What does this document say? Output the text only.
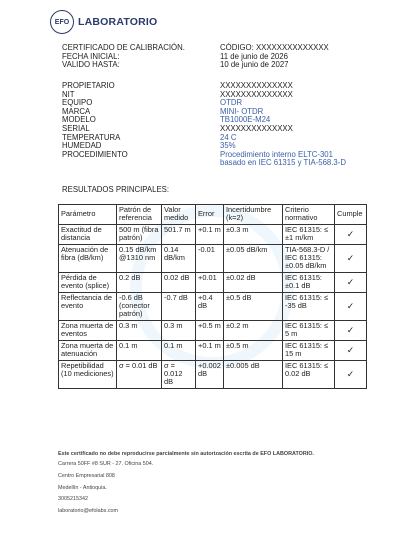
EFO LABORATORIO
CERTIFICADO DE CALIBRACIÓN.	CÓDIGO: XXXXXXXXXXXXXX
FECHA INICIAL:	11 de junio de 2026
VALIDO HASTA:	10 de junio de 2027
PROPIETARIO	XXXXXXXXXXXXXX
NIT	XXXXXXXXXXXXXX
EQUIPO	OTDR
MARCA	MINI- OTDR
MODELO	TB1000E-M24
SERIAL	XXXXXXXXXXXXXX
TEMPERATURA	24 C
HUMEDAD	35%
PROCEDIMIENTO	Procedimiento interno ELTC-301
basado en IEC 61315 y TIA-568.3-D
RESULTADOS PRINCIPALES:
Parámetro	Patrón de referencia	Valor medido	Error	Incertidumbre (k=2)	Criterio normativo	Cumple
Exactitud de distancia	500 m (fibra patrón)	501.7 m	+0.1 m	±0.3 m	IEC 61315: ≤ ±1 m/km	✓
Atenuación de fibra (dB/km)	0.15 dB/km @1310 nm	0.14 dB/km	-0.01	±0.05 dB/km	TIA-568.3-D / IEC 61315: ±0.05 dB/km	✓
Pérdida de evento (splice)	0.2 dB	0.02 dB	+0.01	±0.02 dB	IEC 61315: ±0.1 dB	✓
Reflectancia de evento	-0.6 dB (conector patrón)	-0.7 dB	+0.4 dB	±0.5 dB	IEC 61315: ≤ -35 dB	✓
Zona muerta de eventos	0.3 m	0.3 m	+0.5 m	±0.2 m	IEC 61315: ≤ 5 m	✓
Zona muerta de atenuación	0.1 m	0.1 m	+0.1 m	±0.5 m	IEC 61315: ≤ 15 m	✓
Repetibilidad (10 mediciones)	σ = 0.01 dB	σ = 0.012 dB	+0.002 dB	±0.005 dB	IEC 61315: ≤ 0.02 dB	✓
Este certificado no debe reproducirse parcialmente sin autorización escrita de EFO LABORATORIO.
Carrera 50FF #8 SUR - 27. Oficina 504.
Centro Empresarial 808
Medellín - Antioquia.
3005215342
laboratorio@efolabs.com
